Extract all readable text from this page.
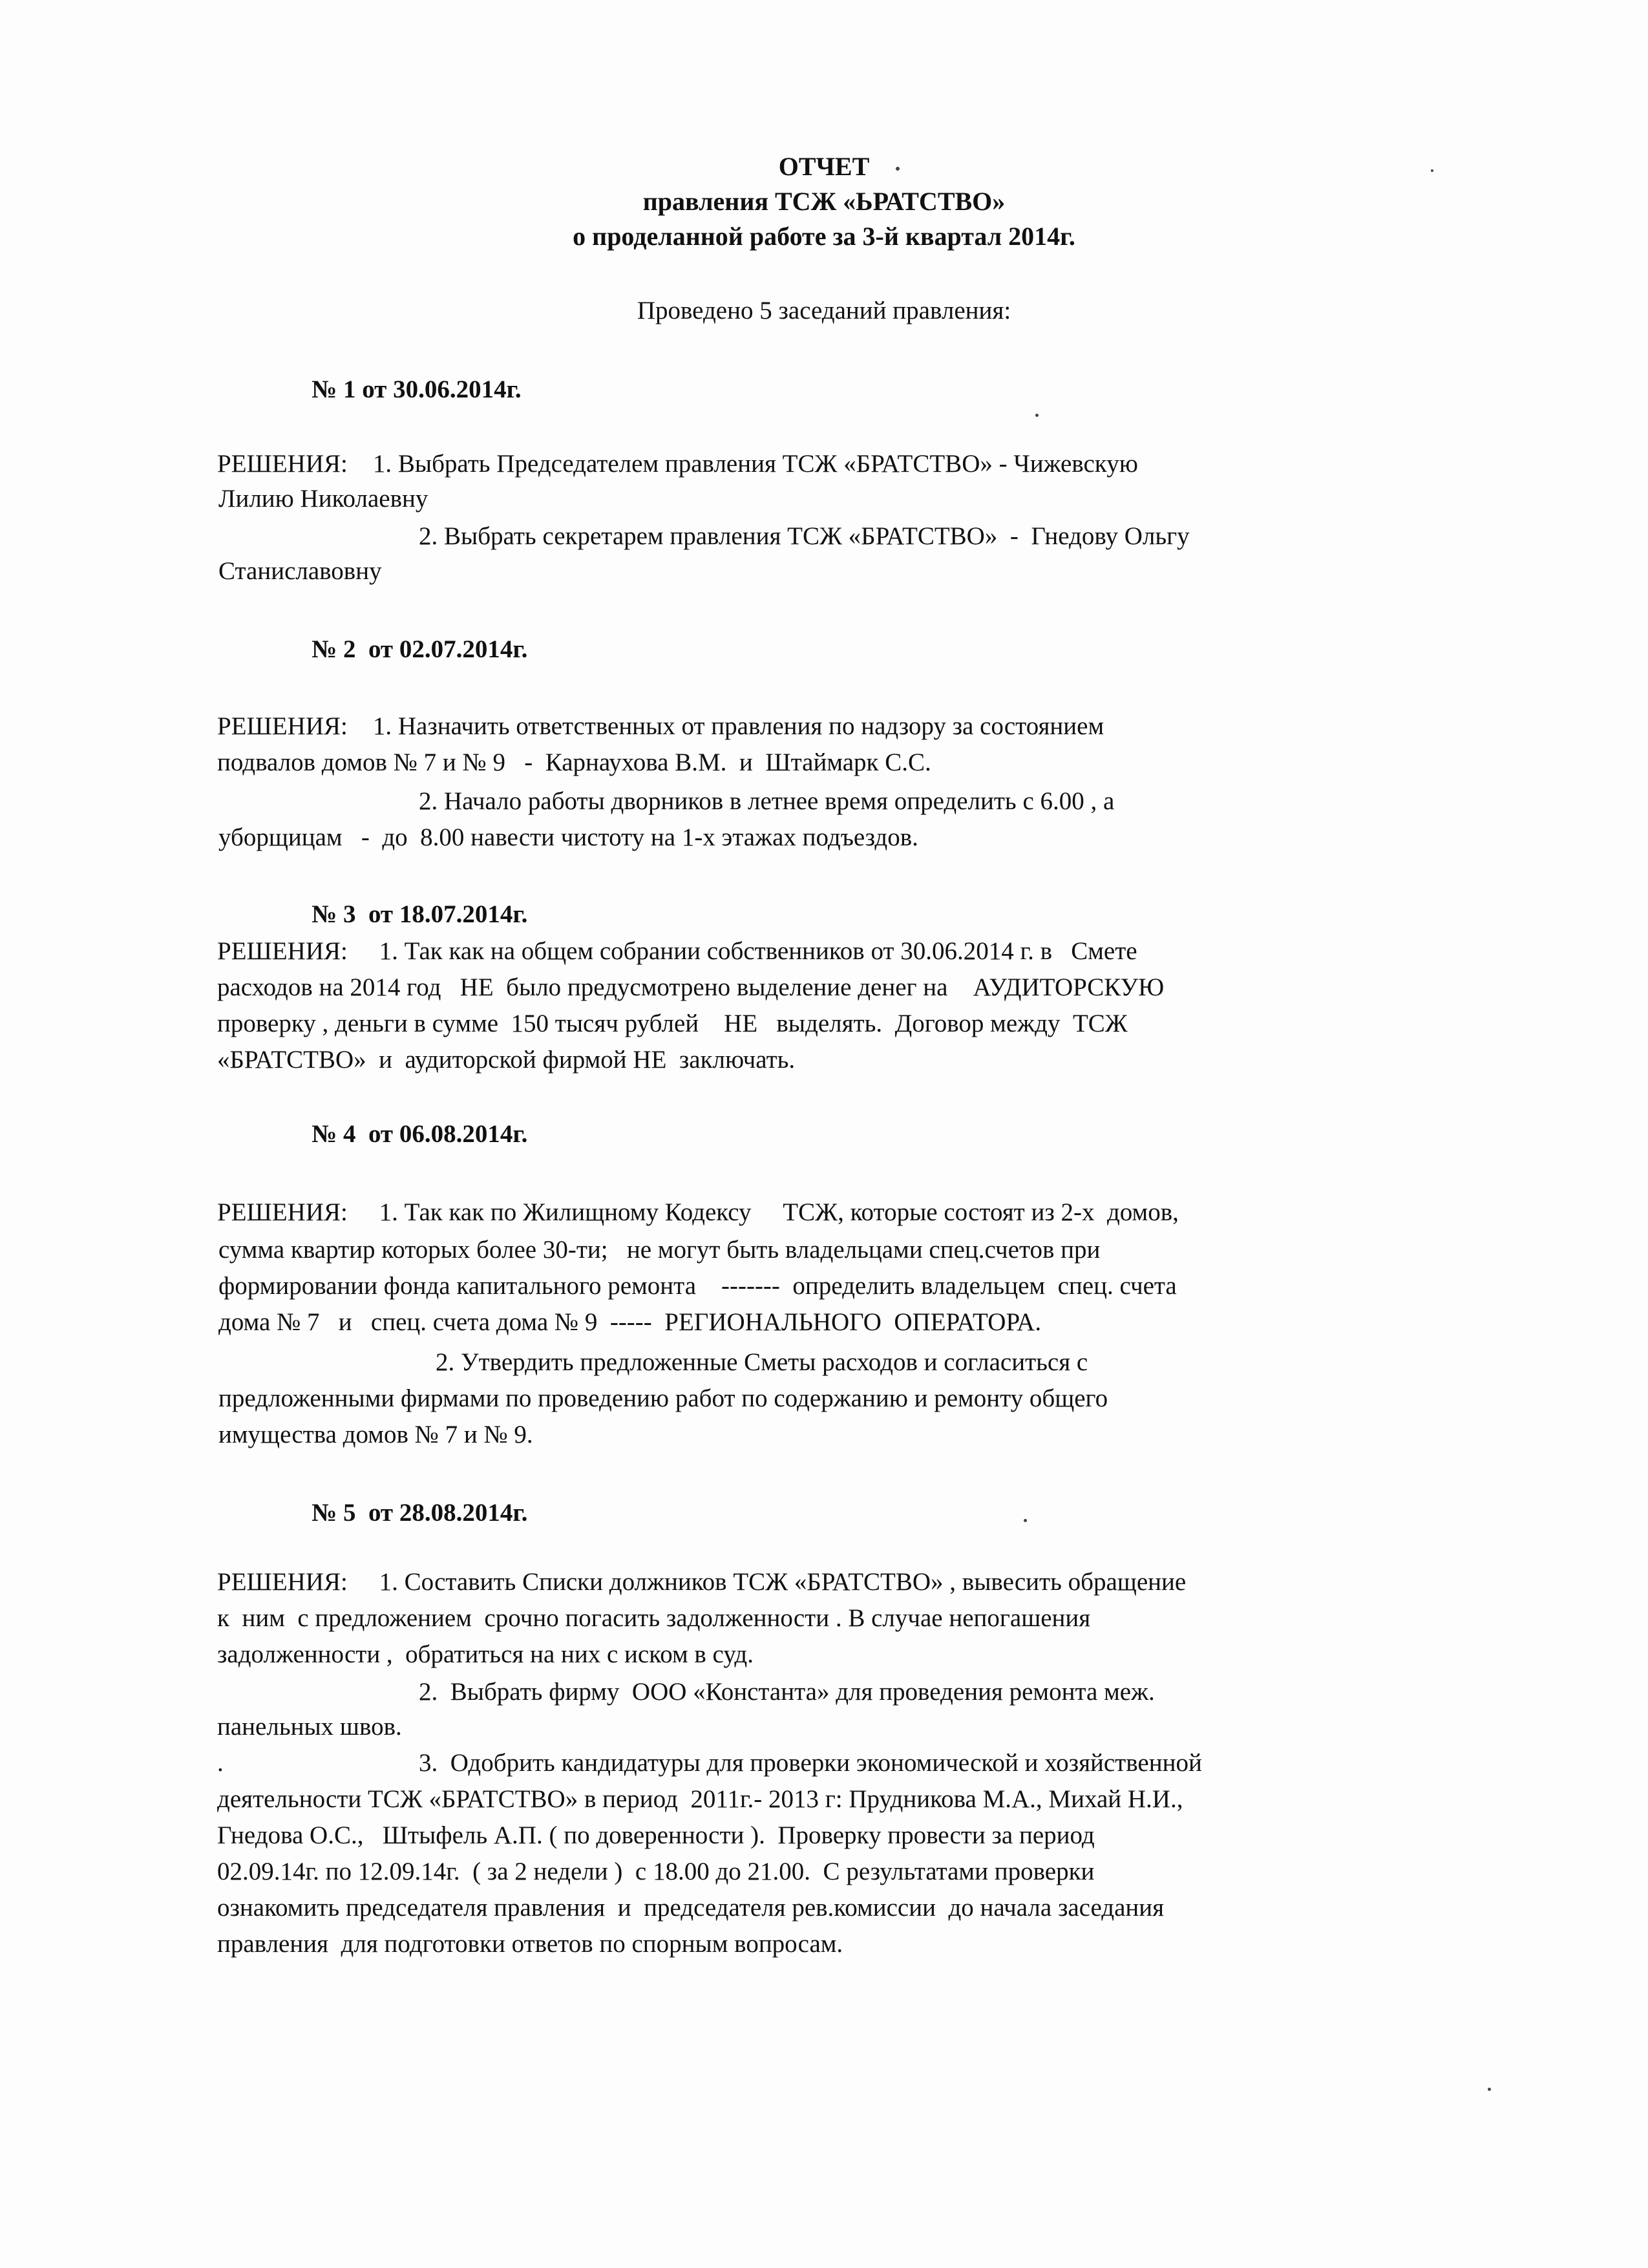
ОТЧЕТ
правления ТСЖ «ЬРАТСТВО»
о проделанной работе за 3-й квартал 2014г.
Проведено 5 заседаний правления:
№ 1 от 30.06.2014г.
РЕШЕНИЯ:    1. Выбрать Председателем правления ТСЖ «БРАТСТВО» - Чижевскую
Лилию Николаевну
2. Выбрать секретарем правления ТСЖ «БРАТСТВО»  -  Гнедову Ольгу
Станиславовну
№ 2  от 02.07.2014г.
РЕШЕНИЯ:    1. Назначить ответственных от правления по надзору за состоянием
подвалов домов № 7 и № 9   -  Карнаухова В.М.  и  Штаймарк С.С.
2. Начало работы дворников в летнее время определить с 6.00 , а
уборщицам   -  до  8.00 навести чистоту на 1-х этажах подъездов.
№ 3  от 18.07.2014г.
РЕШЕНИЯ:     1. Так как на общем собрании собственников от 30.06.2014 г. в   Смете
расходов на 2014 год   НЕ  было предусмотрено выделение денег на    АУДИТОРСКУЮ
проверку , деньги в сумме  150 тысяч рублей    НЕ   выделять.  Договор между  ТСЖ
«БРАТСТВО»  и  аудиторской фирмой НЕ  заключать.
№ 4  от 06.08.2014г.
РЕШЕНИЯ:     1. Так как по Жилищному Кодексу     ТСЖ, которые состоят из 2-х  домов,
сумма квартир которых более 30-ти;   не могут быть владельцами спец.счетов при
формировании фонда капитального ремонта    -------  определить владельцем  спец. счета
дома № 7   и   спец. счета дома № 9  -----  РЕГИОНАЛЬНОГО  ОПЕРАТОРА.
2. Утвердить предложенные Сметы расходов и согласиться с
предложенными фирмами по проведению работ по содержанию и ремонту общего
имущества домов № 7 и № 9.
№ 5  от 28.08.2014г.
РЕШЕНИЯ:     1. Составить Списки должников ТСЖ «БРАТСТВО» , вывесить обращение
к  ним  с предложением  срочно погасить задолженности . В случае непогашения
задолженности ,  обратиться на них с иском в суд.
2.  Выбрать фирму  ООО «Константа» для проведения ремонта меж.
панельных швов.
.	3.  Одобрить кандидатуры для проверки экономической и хозяйственной
деятельности ТСЖ «БРАТСТВО» в период  2011г.- 2013 г: Прудникова М.А., Михай Н.И.,
Гнедова О.С.,   Штыфель А.П. ( по доверенности ).  Проверку провести за период
02.09.14г. по 12.09.14г.  ( за 2 недели )  с 18.00 до 21.00.  С результатами проверки
ознакомить председателя правления  и  председателя рев.комиссии  до начала заседания
правления  для подготовки ответов по спорным вопросам.
